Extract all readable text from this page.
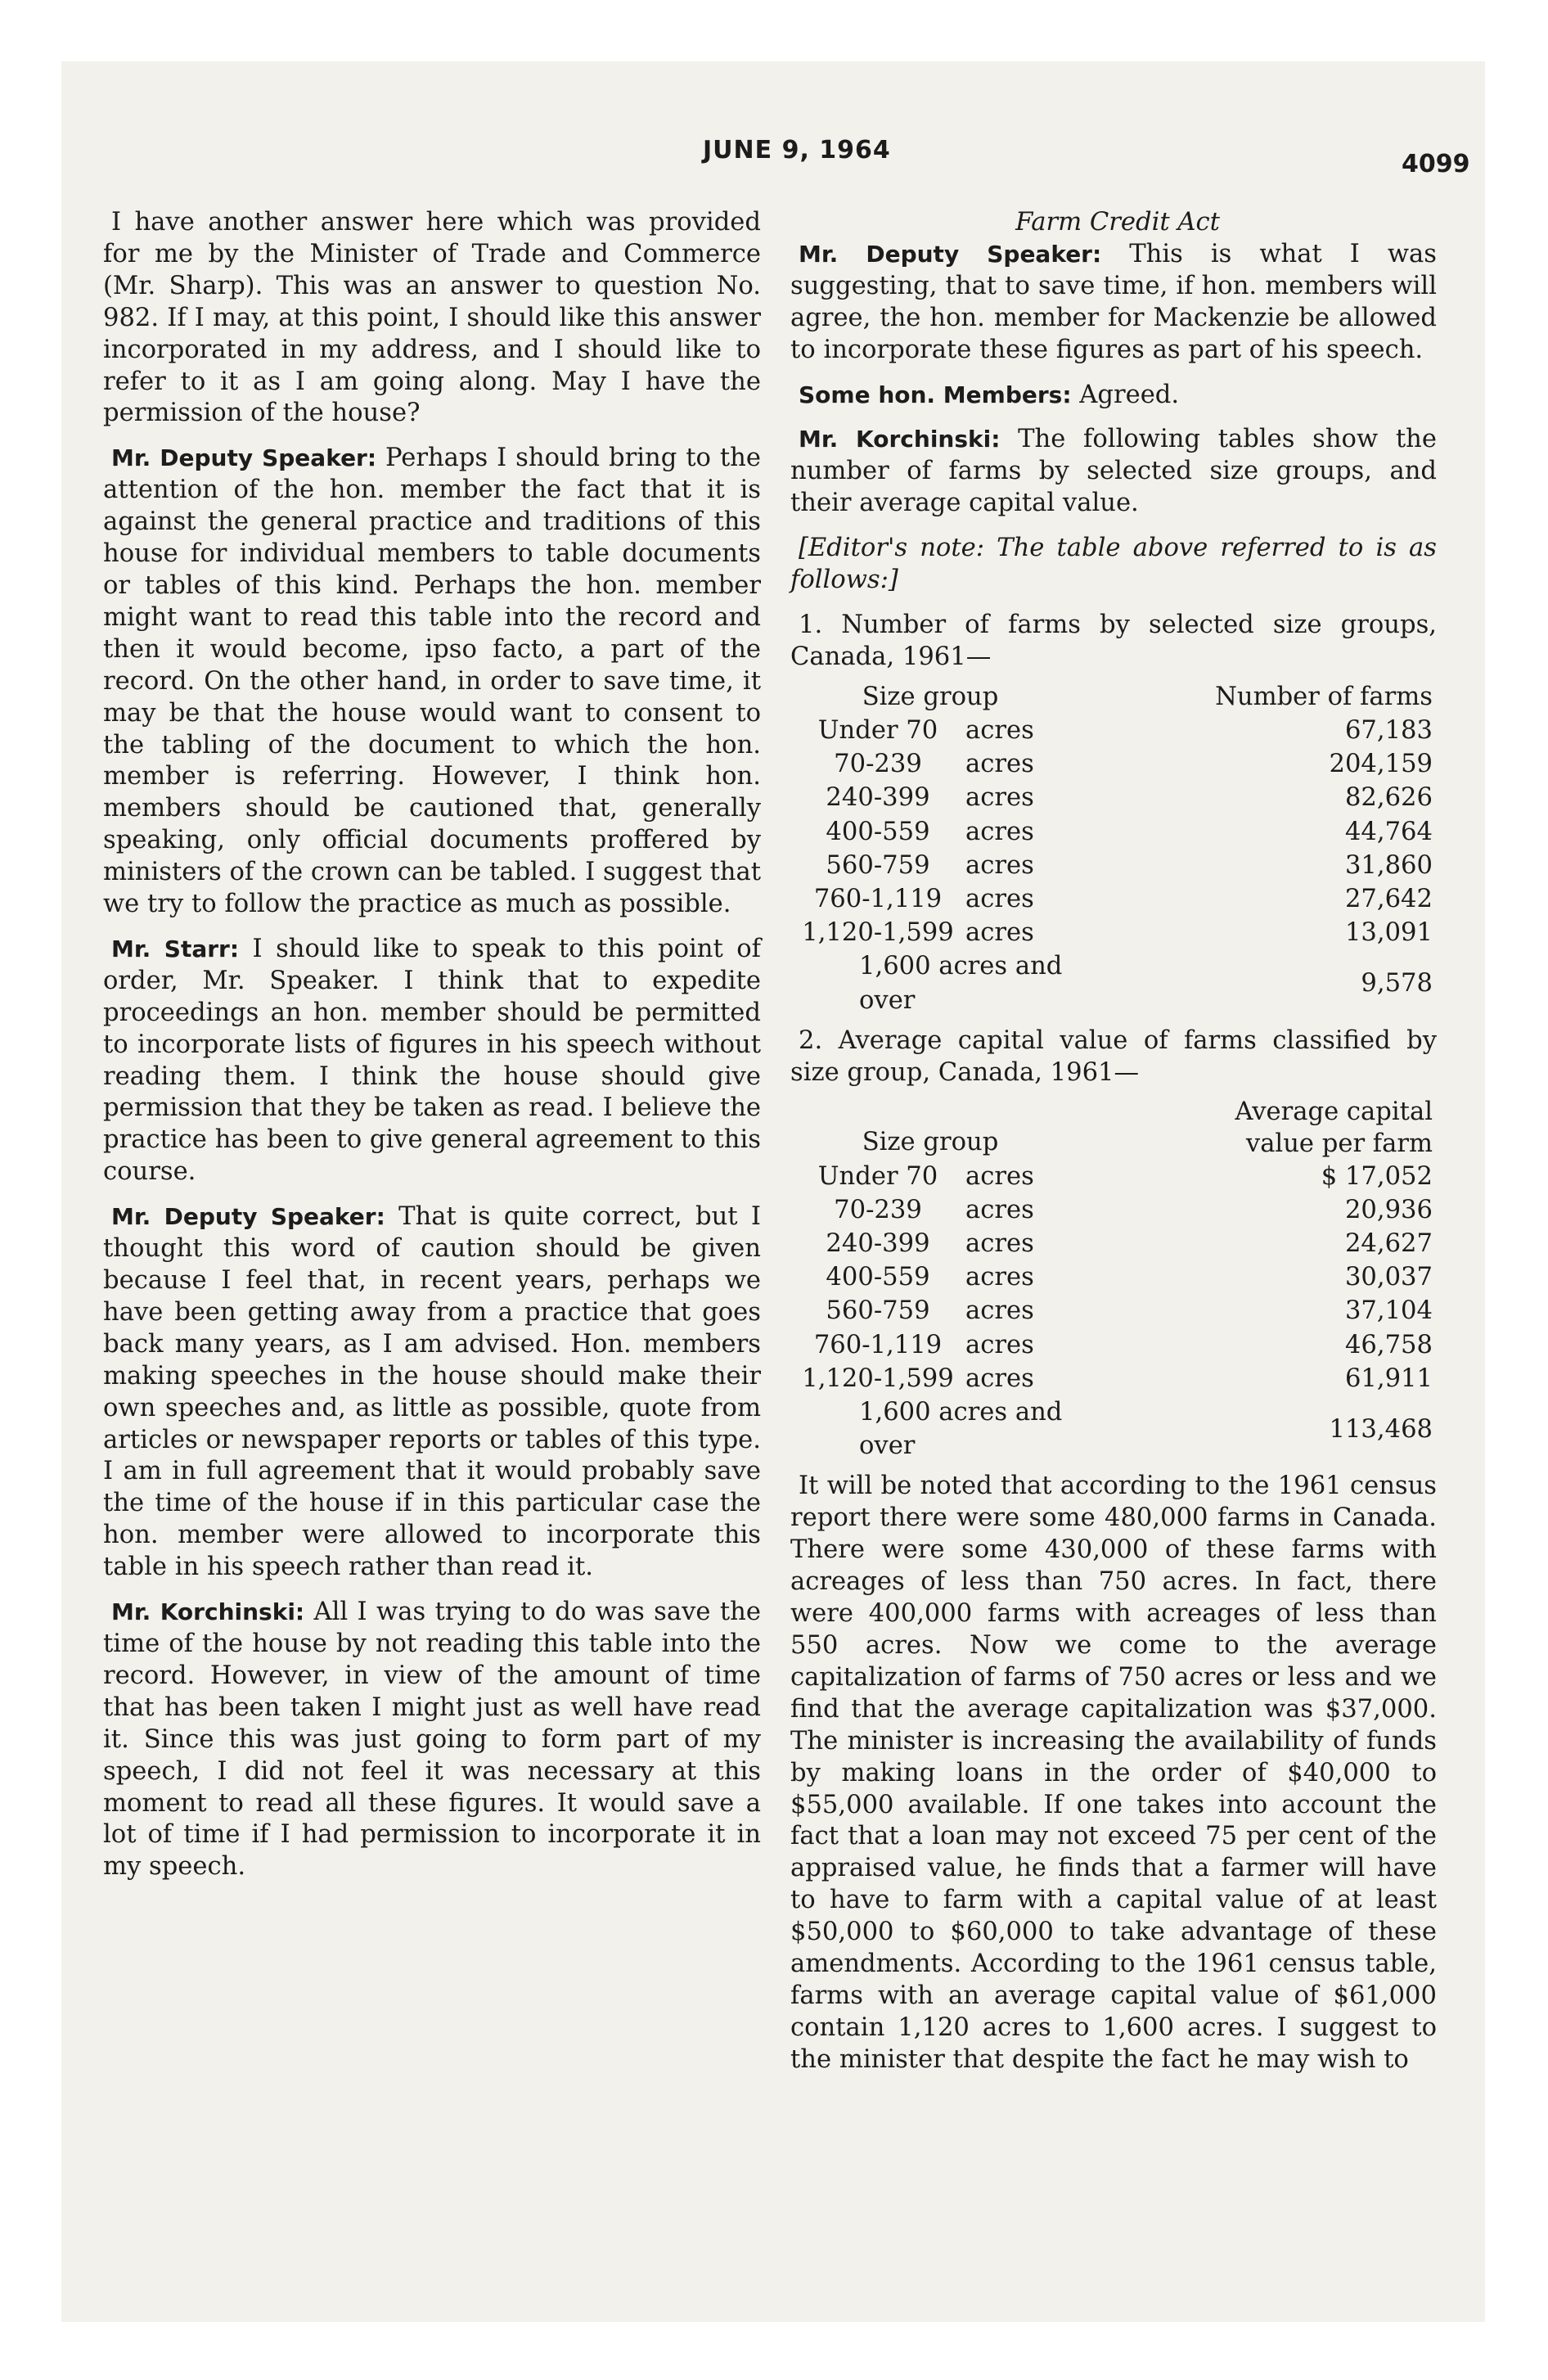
JUNE 9, 1964	4099

I have another answer here which was provided for me by the Minister of Trade and Commerce (Mr. Sharp). This was an answer to question No. 982. If I may, at this point, I should like this answer incorporated in my address, and I should like to refer to it as I am going along. May I have the permission of the house?

Mr. Deputy Speaker: Perhaps I should bring to the attention of the hon. member the fact that it is against the general practice and traditions of this house for individual members to table documents or tables of this kind. Perhaps the hon. member might want to read this table into the record and then it would become, ipso facto, a part of the record. On the other hand, in order to save time, it may be that the house would want to consent to the tabling of the document to which the hon. member is referring. However, I think hon. members should be cautioned that, generally speaking, only official documents proffered by ministers of the crown can be tabled. I suggest that we try to follow the practice as much as possible.

Mr. Starr: I should like to speak to this point of order, Mr. Speaker. I think that to expedite proceedings an hon. member should be permitted to incorporate lists of figures in his speech without reading them. I think the house should give permission that they be taken as read. I believe the practice has been to give general agreement to this course.

Mr. Deputy Speaker: That is quite correct, but I thought this word of caution should be given because I feel that, in recent years, perhaps we have been getting away from a practice that goes back many years, as I am advised. Hon. members making speeches in the house should make their own speeches and, as little as possible, quote from articles or newspaper reports or tables of this type. I am in full agreement that it would probably save the time of the house if in this particular case the hon. member were allowed to incorporate this table in his speech rather than read it.

Mr. Korchinski: All I was trying to do was save the time of the house by not reading this table into the record. However, in view of the amount of time that has been taken I might just as well have read it. Since this was just going to form part of my speech, I did not feel it was necessary at this moment to read all these figures. It would save a lot of time if I had permission to incorporate it in my speech.

Farm Credit Act

Mr. Deputy Speaker: This is what I was suggesting, that to save time, if hon. members will agree, the hon. member for Mackenzie be allowed to incorporate these figures as part of his speech.

Some hon. Members: Agreed.

Mr. Korchinski: The following tables show the number of farms by selected size groups, and their average capital value.

[Editor's note: The table above referred to is as follows:]

1. Number of farms by selected size groups, Canada, 1961—

Size group		Number of farms
Under 70	acres	67,183
70-239	acres	204,159
240-399	acres	82,626
400-559	acres	44,764
560-759	acres	31,860
760-1,119	acres	27,642
1,120-1,599	acres	13,091
1,600 acres and over		9,578

2. Average capital value of farms classified by size group, Canada, 1961—

Size group		Average capital
value per farm

Under 70	acres	$ 17,052
70-239	acres	20,936
240-399	acres	24,627
400-559	acres	30,037
560-759	acres	37,104
760-1,119	acres	46,758
1,120-1,599	acres	61,911
1,600 acres and over		113,468

It will be noted that according to the 1961 census report there were some 480,000 farms in Canada. There were some 430,000 of these farms with acreages of less than 750 acres. In fact, there were 400,000 farms with acreages of less than 550 acres. Now we come to the average capitalization of farms of 750 acres or less and we find that the average capitalization was $37,000. The minister is increasing the availability of funds by making loans in the order of $40,000 to $55,000 available. If one takes into account the fact that a loan may not exceed 75 per cent of the appraised value, he finds that a farmer will have to have to farm with a capital value of at least $50,000 to $60,000 to take advantage of these amendments. According to the 1961 census table, farms with an average capital value of $61,000 contain 1,120 acres to 1,600 acres. I suggest to the minister that despite the fact he may wish to
